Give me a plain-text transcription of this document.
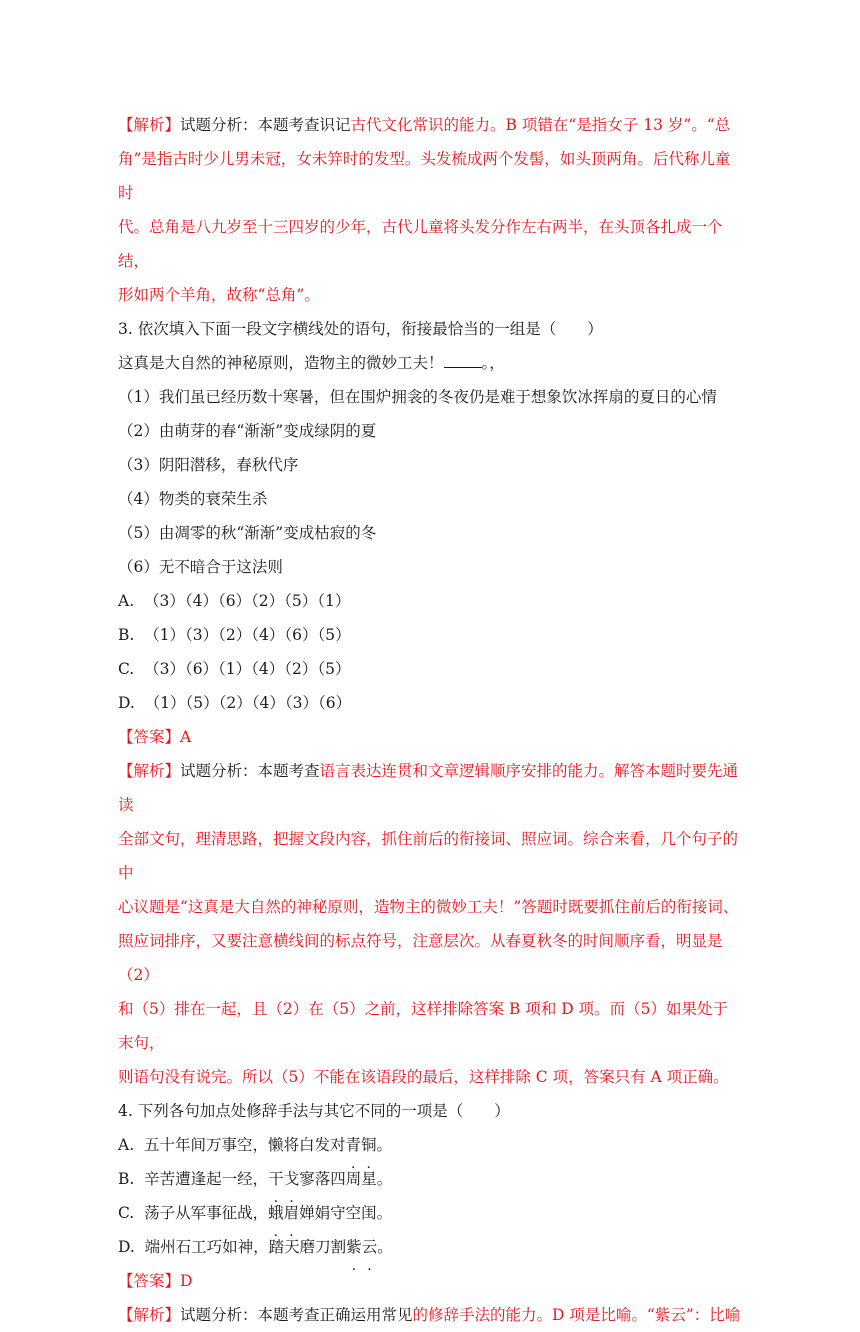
【解析】试题分析：本题考查识记古代文化常识的能力。B 项错在“是指女子 13 岁”。“总

角”是指古时少儿男未冠，女未笄时的发型。头发梳成两个发髻，如头顶两角。后代称儿童时

代。总角是八九岁至十三四岁的少年，古代儿童将头发分作左右两半，在头顶各扎成一个结，

形如两个羊角，故称“总角”。

3. 依次填入下面一段文字横线处的语句，衔接最恰当的一组是（　　）

这真是大自然的神秘原则，造物主的微妙工夫！ 。，

（1）我们虽已经历数十寒暑，但在围炉拥衾的冬夜仍是难于想象饮冰挥扇的夏日的心情

（2）由萌芽的春“渐渐”变成绿阴的夏

（3）阴阳潜移，春秋代序

（4）物类的衰荣生杀

（5）由凋零的秋“渐渐”变成枯寂的冬

（6）无不暗合于这法则

A.  （3）（4）（6）（2）（5）（1）

B.  （1）（3）（2）（4）（6）（5）

C.  （3）（6）（1）（4）（2）（5）

D.  （1）（5）（2）（4）（3）（6）

【答案】A

【解析】试题分析：本题考查语言表达连贯和文章逻辑顺序安排的能力。解答本题时要先通读

全部文句，理清思路，把握文段内容，抓住前后的衔接词、照应词。综合来看，几个句子的中

心议题是“这真是大自然的神秘原则，造物主的微妙工夫！”答题时既要抓住前后的衔接词、

照应词排序，又要注意横线间的标点符号，注意层次。从春夏秋冬的时间顺序看，明显是（2）

和（5）排在一起，且（2）在（5）之前，这样排除答案 B 项和 D 项。而（5）如果处于末句，

则语句没有说完。所以（5）不能在该语段的最后，这样排除 C 项，答案只有 A 项正确。

4. 下列各句加点处修辞手法与其它不同的一项是（　　）

A.  五十年间万事空，懒将白发对青铜。

B.  辛苦遭逢起一经，干戈寥落四周星。

C.  荡子从军事征战，蛾眉婵娟守空闺。

D.  端州石工巧如神，踏天磨刀割紫云。

【答案】D

【解析】试题分析：本题考查正确运用常见的修辞手法的能力。D 项是比喻。“紫云”：比喻
